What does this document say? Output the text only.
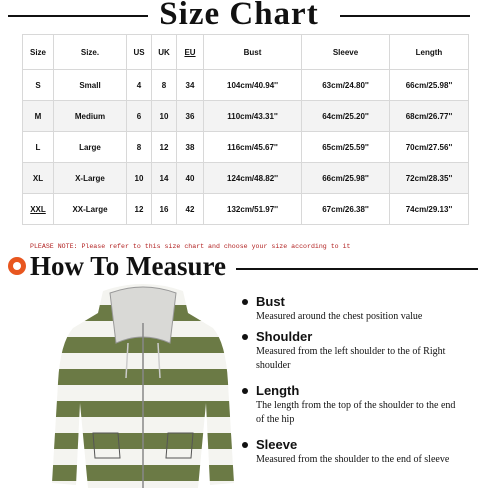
Size Chart
Size	Size.	US	UK	EU	Bust	Sleeve	Length
S	Small	4	8	34	104cm/40.94''	63cm/24.80''	66cm/25.98''
M	Medium	6	10	36	110cm/43.31''	64cm/25.20''	68cm/26.77''
L	Large	8	12	38	116cm/45.67''	65cm/25.59''	70cm/27.56''
XL	X-Large	10	14	40	124cm/48.82''	66cm/25.98''	72cm/28.35''
XXL	XX-Large	12	16	42	132cm/51.97''	67cm/26.38''	74cm/29.13''
PLEASE NOTE: Please refer to this size chart and choose your size according to it
How To Measure
Bust
Measured around the chest position value
Shoulder
Measured from the left shoulder to the of Right shoulder
Length
The length from the top of the shoulder to the end of the hip
Sleeve
Measured from the shoulder to the end of sleeve
